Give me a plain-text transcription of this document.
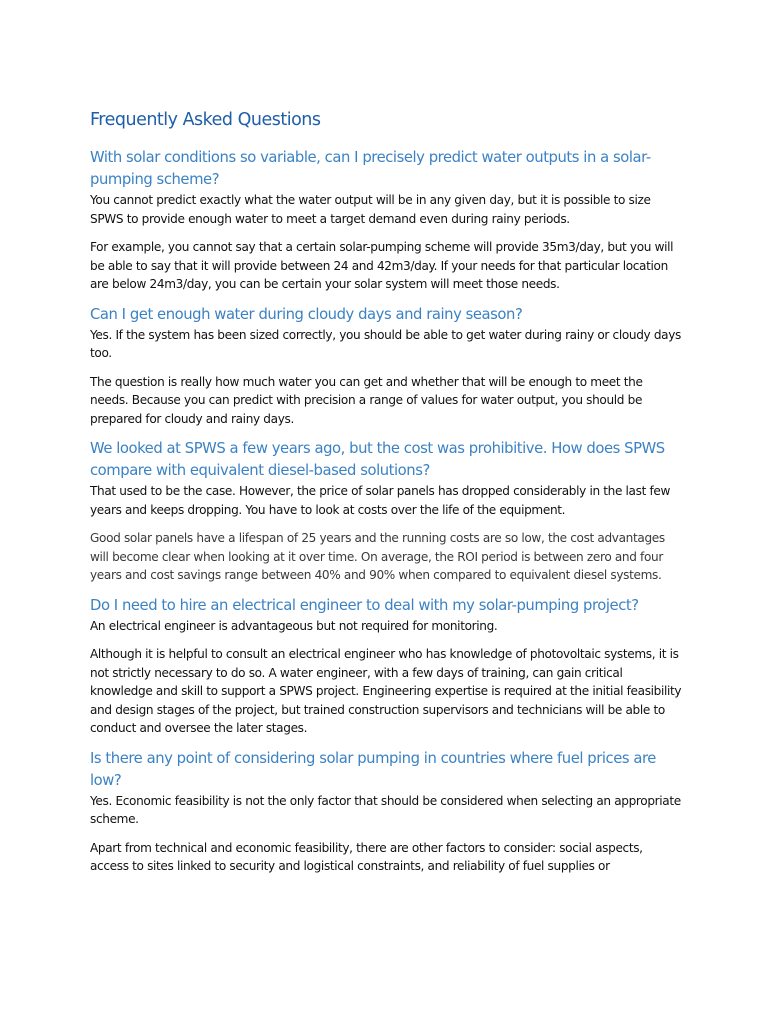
Frequently Asked Questions
With solar conditions so variable, can I precisely predict water outputs in a solar-pumping scheme?

You cannot predict exactly what the water output will be in any given day, but it is possible to size SPWS to provide enough water to meet a target demand even during rainy periods.

For example, you cannot say that a certain solar-pumping scheme will provide 35m3/day, but you will be able to say that it will provide between 24 and 42m3/day. If your needs for that particular location are below 24m3/day, you can be certain your solar system will meet those needs.

Can I get enough water during cloudy days and rainy season?

Yes. If the system has been sized correctly, you should be able to get water during rainy or cloudy days too.

The question is really how much water you can get and whether that will be enough to meet the needs. Because you can predict with precision a range of values for water output, you should be prepared for cloudy and rainy days.

We looked at SPWS a few years ago, but the cost was prohibitive. How does SPWS compare with equivalent diesel-based solutions?

That used to be the case. However, the price of solar panels has dropped considerably in the last few years and keeps dropping. You have to look at costs over the life of the equipment.

Good solar panels have a lifespan of 25 years and the running costs are so low, the cost advantages will become clear when looking at it over time. On average, the ROI period is between zero and four years and cost savings range between 40% and 90% when compared to equivalent diesel systems.

Do I need to hire an electrical engineer to deal with my solar-pumping project?

An electrical engineer is advantageous but not required for monitoring.

Although it is helpful to consult an electrical engineer who has knowledge of photovoltaic systems, it is not strictly necessary to do so. A water engineer, with a few days of training, can gain critical knowledge and skill to support a SPWS project. Engineering expertise is required at the initial feasibility and design stages of the project, but trained construction supervisors and technicians will be able to conduct and oversee the later stages.

Is there any point of considering solar pumping in countries where fuel prices are low?

Yes. Economic feasibility is not the only factor that should be considered when selecting an appropriate scheme.

Apart from technical and economic feasibility, there are other factors to consider: social aspects, access to sites linked to security and logistical constraints, and reliability of fuel supplies or
